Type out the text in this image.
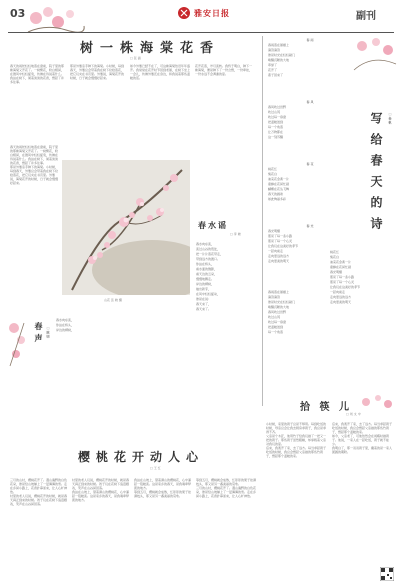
03	雅安日报	副刊
树一株海棠花香
□ 张 涵

春天的雨丝轻轻地落在窗前，院子里的那株海棠又开花了。一树繁花，粉白相间，在微风中轻轻摇曳，仿佛在诉说着什么。我站在树下，闻着淡淡的花香，想起了许多往事。

那是外婆亲手种下的海棠。小时候，每到春天，外婆总会带着我在树下捡拾落花，把它们夹在书页里。外婆说，海棠花开的时候，日子就会慢慢好起来。

如今外婆已经不在了，可这株海棠依旧年年盛开。我常常在花开时节回到老屋，在树下坐上一会儿，仿佛外婆还在身边，和我说着那些温暖的话。

花开花落，岁月流转。我终于明白，种下一株海棠，便是种下了一份念想，一份牵挂，一份永远不会凋谢的爱。

山花 张 晓 摄
春水谣
□ 李 晓

春水向东流，

流过山谷的低处，

把一片片落花带走，

带到远方的渡口。

你站在桥头，

看水面的倒影，

看天边的云朵，

慢慢地飘走。

岸边的柳树，

抽出新芽，

在风中轻轻摇动，

像是在说：

春天来了，

春天来了。

春天的雨丝轻轻地落在窗前，院子里的那株海棠又开花了。一树繁花，粉白相间，在微风中轻轻摇曳，仿佛在诉说着什么。我站在树下，闻着淡淡的花香，想起了许多往事。

那是外婆亲手种下的海棠。小时候，每到春天，外婆总会带着我在树下捡拾落花，把它们夹在书页里。外婆说，海棠花开的时候，日子就会慢慢好起来。

春声 □ 陈 明

春水向东流，

你站在桥头，

岸边的柳树，

樱桃花开动人心
□ 王 红

三月的山村，樱桃花开了。漫山遍野的白色花朵，像是给山坡铺上了一层薄薄的雪。走在乡间小路上，花香扑鼻而来，让人心旷神怡。

村里的老人们说，樱桃花开的时候，就是春天真正到来的时候。孩子们在花树下追逐嬉戏，笑声在山谷间回荡。

村里的老人们说，樱桃花开的时候，就是春天真正到来的时候。孩子们在花树下追逐嬉戏，笑声在山谷间回荡。

我站在山坡上，望着满山的樱桃花，心中涌起一股暖流。这是家乡的春天，是我魂牵梦萦的地方。

我站在山坡上，望着满山的樱桃花，心中涌起一股暖流。这是家乡的春天，是我魂牵梦萦的地方。

等到五月，樱桃就会成熟，红彤彤的果子挂满枝头，那又是另一番美丽的景象。

等到五月，樱桃就会成熟，红彤彤的果子挂满枝头，那又是另一番美丽的景象。

三月的山村，樱桃花开了。漫山遍野的白色花朵，像是给山坡铺上了一层薄薄的雪。走在乡间小路上，花香扑鼻而来，让人心旷神怡。

写给春天的诗	□ 杨 帆

春 雨

春雨落在屋檐上

滴答滴答

像是时光在轻轻敲门

唤醒沉睡的大地

草绿了

花开了

燕子回来了

春 风

春风吹过田野

吹过山冈

吹过每一扇窗

把温暖送到

每一个角落

让万物都在

这一刻苏醒

春 花

桃花红

梨花白

油菜花金黄一片

蜜蜂在花间忙碌

蝴蝶在花丛飞舞

春天的画卷

如此绚丽多彩

春 光

春光明媚

照亮了每一条小路

照亮了每一个心灵

让我们在这美好的季节

一起向前走

走向更远的远方

走向更美的明天

桃花红

梨花白

油菜花金黄一片

蜜蜂在花间忙碌

春光明媚

照亮了每一条小路

照亮了每一个心灵

让我们在这美好的季节

一起向前走

走向更远的远方

走向更美的明天

春雨落在屋檐上

滴答滴答

像是时光在轻轻敲门

唤醒沉睡的大地

春风吹过田野

吹过山冈

吹过每一扇窗

把温暖送到

每一个角落

拾 筷 儿
□ 刘 文 中

小时候，家里的筷子总是不够用。每到吃饭的时候，母亲总会让我去厨房拿筷子，我总是拿得不齐。

父亲是个木匠，他用竹子给我们做了一把又一把的筷子。那些筷子虽然粗糙，却承载着父亲对我们的爱。

后来，我离开了家，去了远方。每当拿起筷子吃饭的时候，我总会想起父亲做的那些竹筷子，想起那个温暖的家。

后来，我离开了家，去了远方。每当拿起筷子吃饭的时候，我总会想起父亲做的那些竹筷子，想起那个温暖的家。

如今，父亲老了，可他依然会在闲暇时做筷子。他说，一家人在一起吃饭，筷子就不能少。

我明白了，那一双双筷子里，藏着的是一家人团圆的期盼。
